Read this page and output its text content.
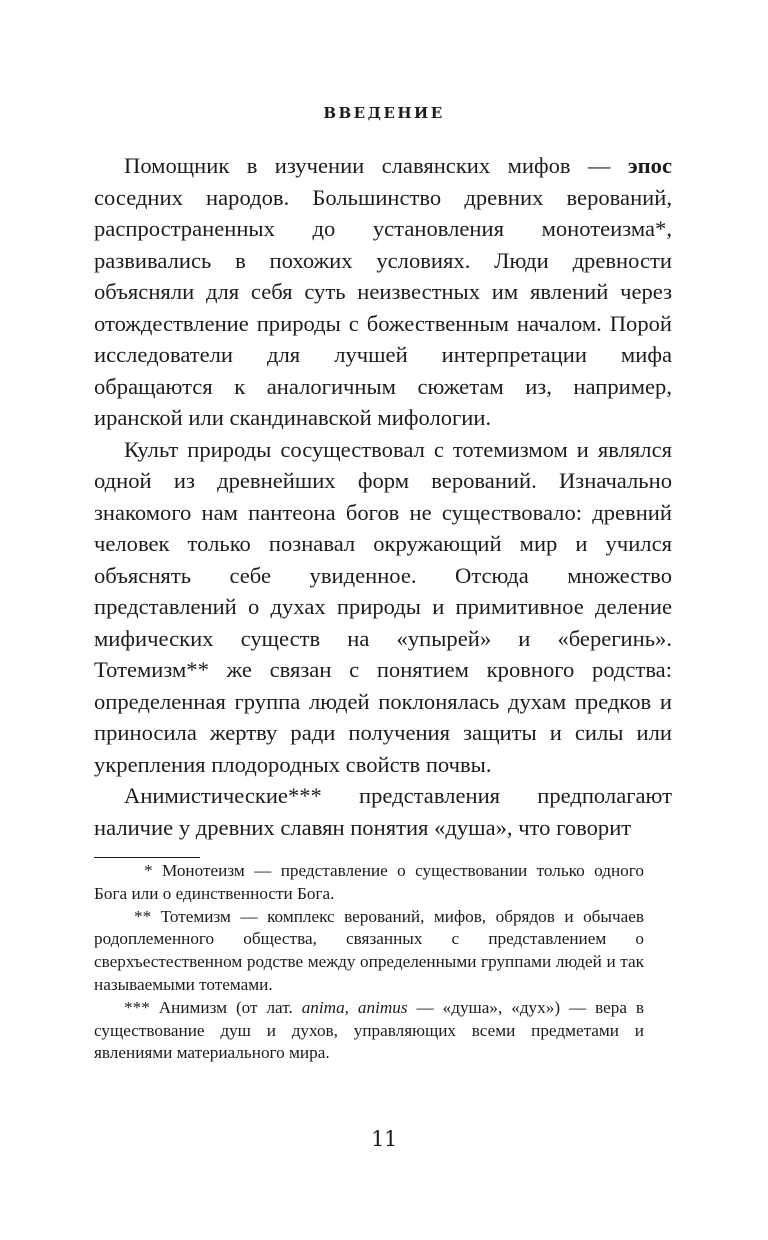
ВВЕДЕНИЕ

Помощник в изучении славянских мифов — эпос соседних народов. Большинство древних верований, распространенных до установления монотеизма*, развивались в похожих условиях. Люди древности объясняли для себя суть неизвестных им явлений через отождествление природы с божественным началом. Порой исследователи для лучшей интерпретации мифа обращаются к аналогичным сюжетам из, например, иранской или скандинавской мифологии.

Культ природы сосуществовал с тотемизмом и являлся одной из древнейших форм верований. Изначально знакомого нам пантеона богов не существовало: древний человек только познавал окружающий мир и учился объяснять себе увиденное. Отсюда множество представлений о духах природы и примитивное деление мифических существ на «упырей» и «берегинь». Тотемизм** же связан с понятием кровного родства: определенная группа людей поклонялась духам предков и приносила жертву ради получения защиты и силы или укрепления плодородных свойств почвы.

Анимистические*** представления предполагают наличие у древних славян понятия «душа», что говорит

* Монотеизм — представление о существовании только одного Бога или о единственности Бога.

** Тотемизм — комплекс верований, мифов, обрядов и обычаев родоплеменного общества, связанных с представлением о сверхъестественном родстве между определенными группами людей и так называемыми тотемами.

*** Анимизм (от лат. anima, animus — «душа», «дух») — вера в существование душ и духов, управляющих всеми предметами и явлениями материального мира.

11
